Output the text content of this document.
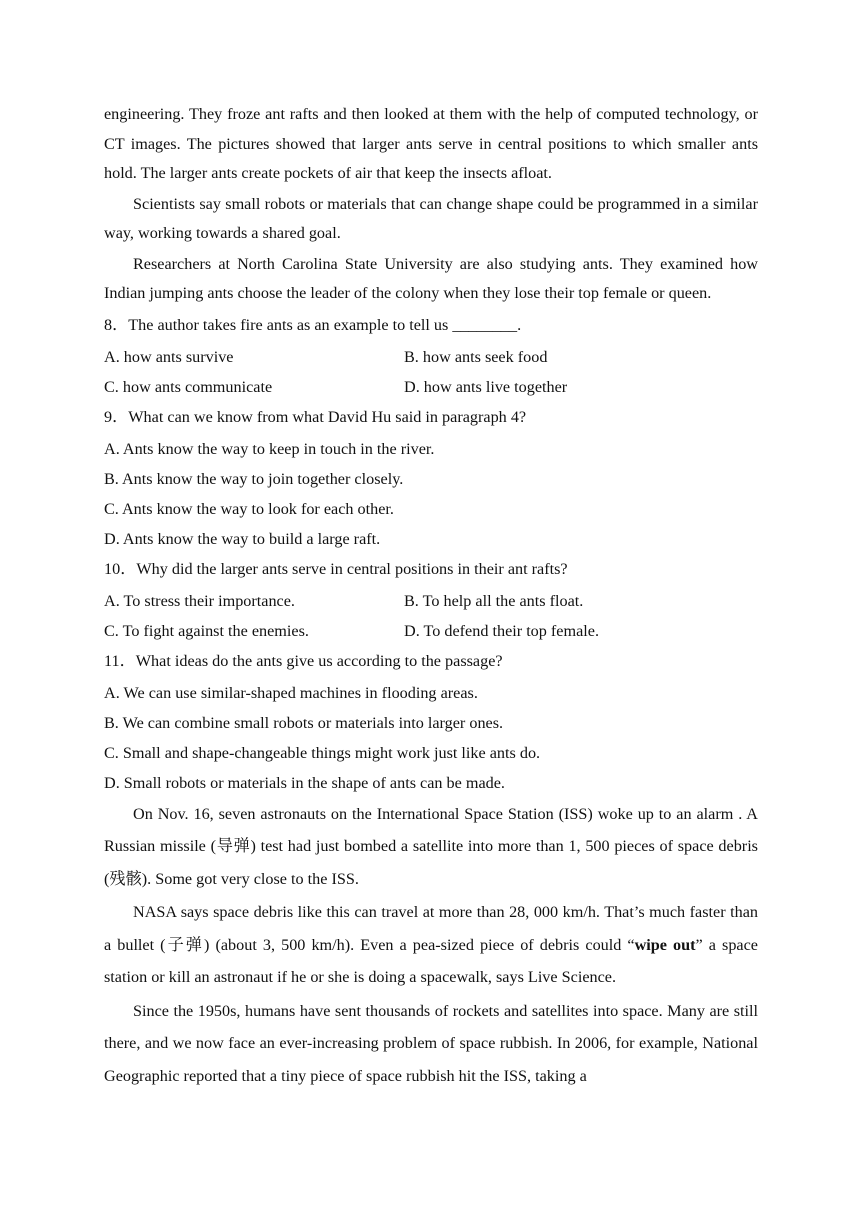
engineering. They froze ant rafts and then looked at them with the help of computed technology, or CT images. The pictures showed that larger ants serve in central positions to which smaller ants hold. The larger ants create pockets of air that keep the insects afloat.

Scientists say small robots or materials that can change shape could be programmed in a similar way, working towards a shared goal.

Researchers at North Carolina State University are also studying ants. They examined how Indian jumping ants choose the leader of the colony when they lose their top female or queen.

8．The author takes fire ants as an example to tell us ________.

A. how ants survive	B. how ants seek food
C. how ants communicate	D. how ants live together

9．What can we know from what David Hu said in paragraph 4?

A. Ants know the way to keep in touch in the river.
B. Ants know the way to join together closely.
C. Ants know the way to look for each other.
D. Ants know the way to build a large raft.

10．Why did the larger ants serve in central positions in their ant rafts?

A. To stress their importance.	B. To help all the ants float.
C. To fight against the enemies.	D. To defend their top female.

11．What ideas do the ants give us according to the passage?

A. We can use similar-shaped machines in flooding areas.
B. We can combine small robots or materials into larger ones.
C. Small and shape-changeable things might work just like ants do.
D. Small robots or materials in the shape of ants can be made.

On Nov. 16, seven astronauts on the International Space Station (ISS) woke up to an alarm . A Russian missile (导弹) test had just bombed a satellite into more than 1, 500 pieces of space debris (残骸). Some got very close to the ISS.

NASA says space debris like this can travel at more than 28, 000 km/h. That’s much faster than a bullet (子弹) (about 3, 500 km/h). Even a pea-sized piece of debris could “wipe out” a space station or kill an astronaut if he or she is doing a spacewalk, says Live Science.

Since the 1950s, humans have sent thousands of rockets and satellites into space. Many are still there, and we now face an ever-increasing problem of space rubbish. In 2006, for example, National Geographic reported that a tiny piece of space rubbish hit the ISS, taking a
